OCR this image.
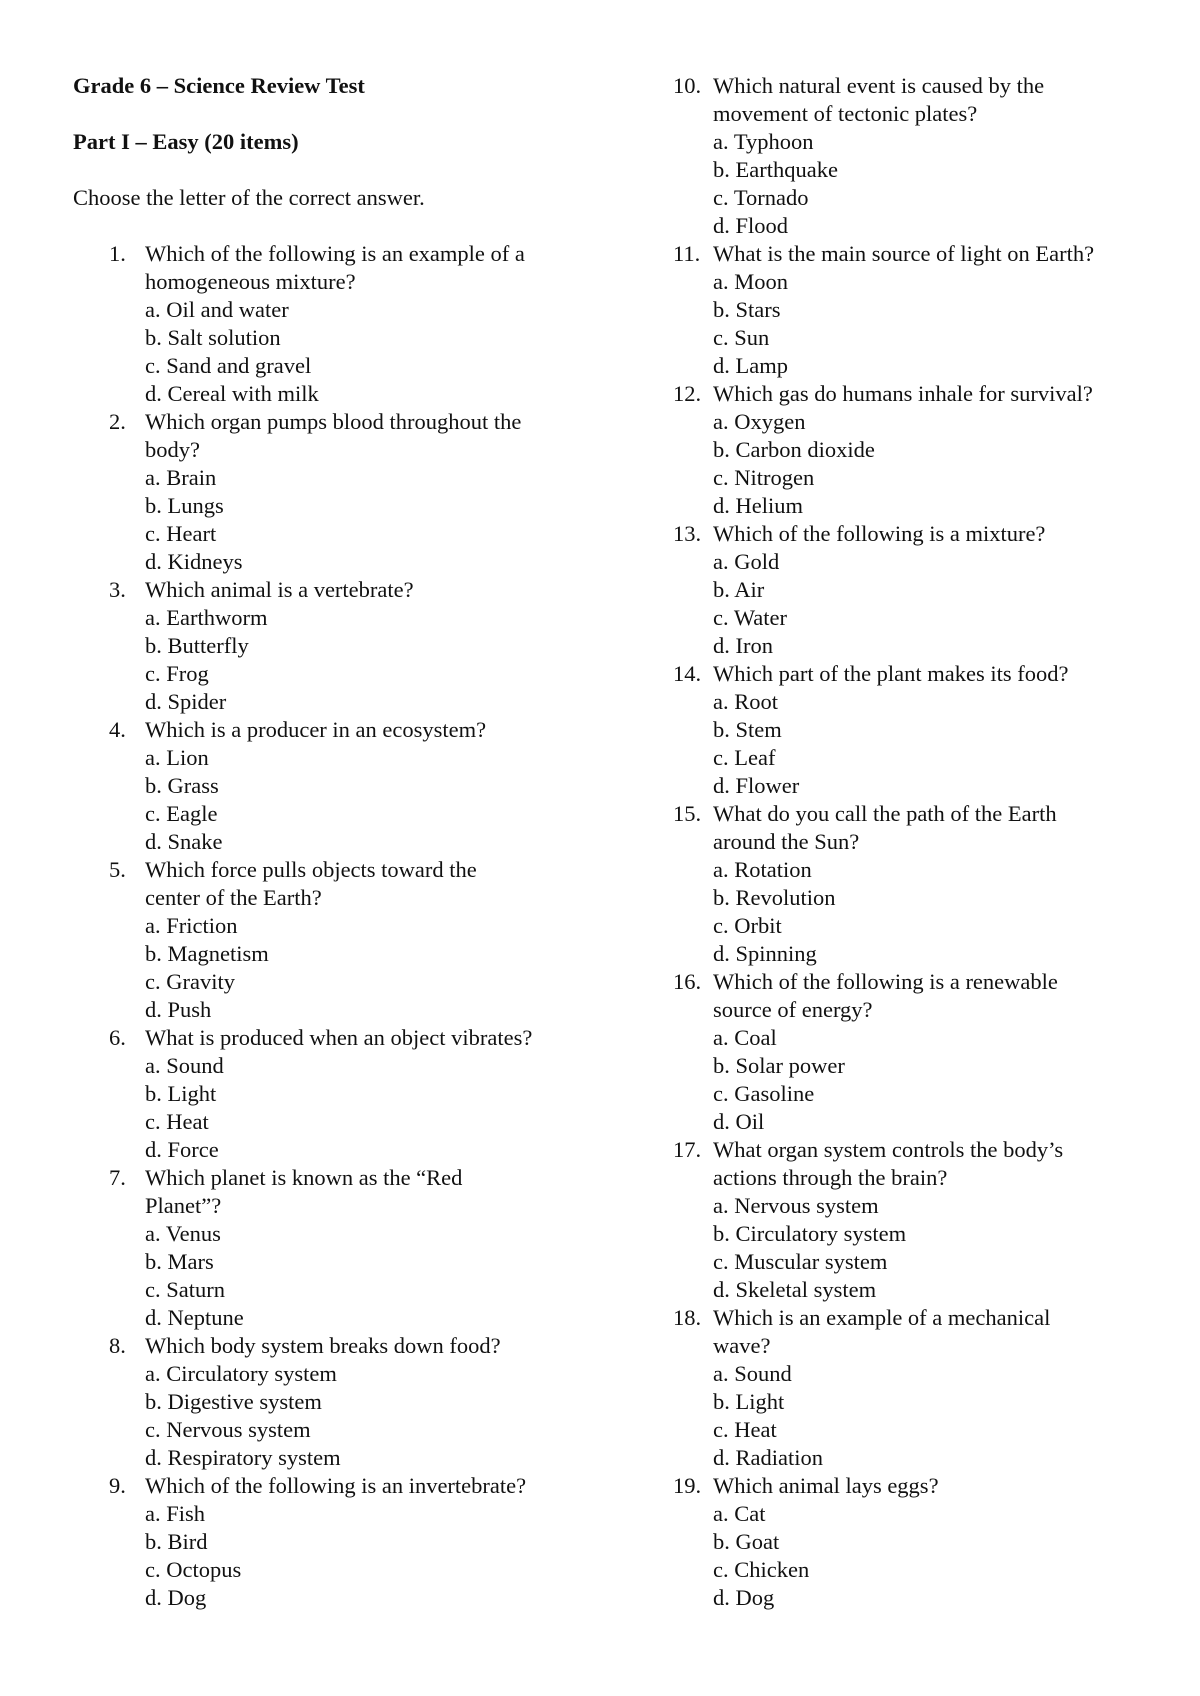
Grade 6 – Science Review Test
Part I – Easy (20 items)
Choose the letter of the correct answer.
1. Which of the following is an example of a
homogeneous mixture?
a. Oil and water
b. Salt solution
c. Sand and gravel
d. Cereal with milk
2. Which organ pumps blood throughout the
body?
a. Brain
b. Lungs
c. Heart
d. Kidneys
3. Which animal is a vertebrate?
a. Earthworm
b. Butterfly
c. Frog
d. Spider
4. Which is a producer in an ecosystem?
a. Lion
b. Grass
c. Eagle
d. Snake
5. Which force pulls objects toward the
center of the Earth?
a. Friction
b. Magnetism
c. Gravity
d. Push
6. What is produced when an object vibrates?
a. Sound
b. Light
c. Heat
d. Force
7. Which planet is known as the “Red
Planet”?
a. Venus
b. Mars
c. Saturn
d. Neptune
8. Which body system breaks down food?
a. Circulatory system
b. Digestive system
c. Nervous system
d. Respiratory system
9. Which of the following is an invertebrate?
a. Fish
b. Bird
c. Octopus
d. Dog
10. Which natural event is caused by the
movement of tectonic plates?
a. Typhoon
b. Earthquake
c. Tornado
d. Flood
11. What is the main source of light on Earth?
a. Moon
b. Stars
c. Sun
d. Lamp
12. Which gas do humans inhale for survival?
a. Oxygen
b. Carbon dioxide
c. Nitrogen
d. Helium
13. Which of the following is a mixture?
a. Gold
b. Air
c. Water
d. Iron
14. Which part of the plant makes its food?
a. Root
b. Stem
c. Leaf
d. Flower
15. What do you call the path of the Earth
around the Sun?
a. Rotation
b. Revolution
c. Orbit
d. Spinning
16. Which of the following is a renewable
source of energy?
a. Coal
b. Solar power
c. Gasoline
d. Oil
17. What organ system controls the body’s
actions through the brain?
a. Nervous system
b. Circulatory system
c. Muscular system
d. Skeletal system
18. Which is an example of a mechanical
wave?
a. Sound
b. Light
c. Heat
d. Radiation
19. Which animal lays eggs?
a. Cat
b. Goat
c. Chicken
d. Dog
